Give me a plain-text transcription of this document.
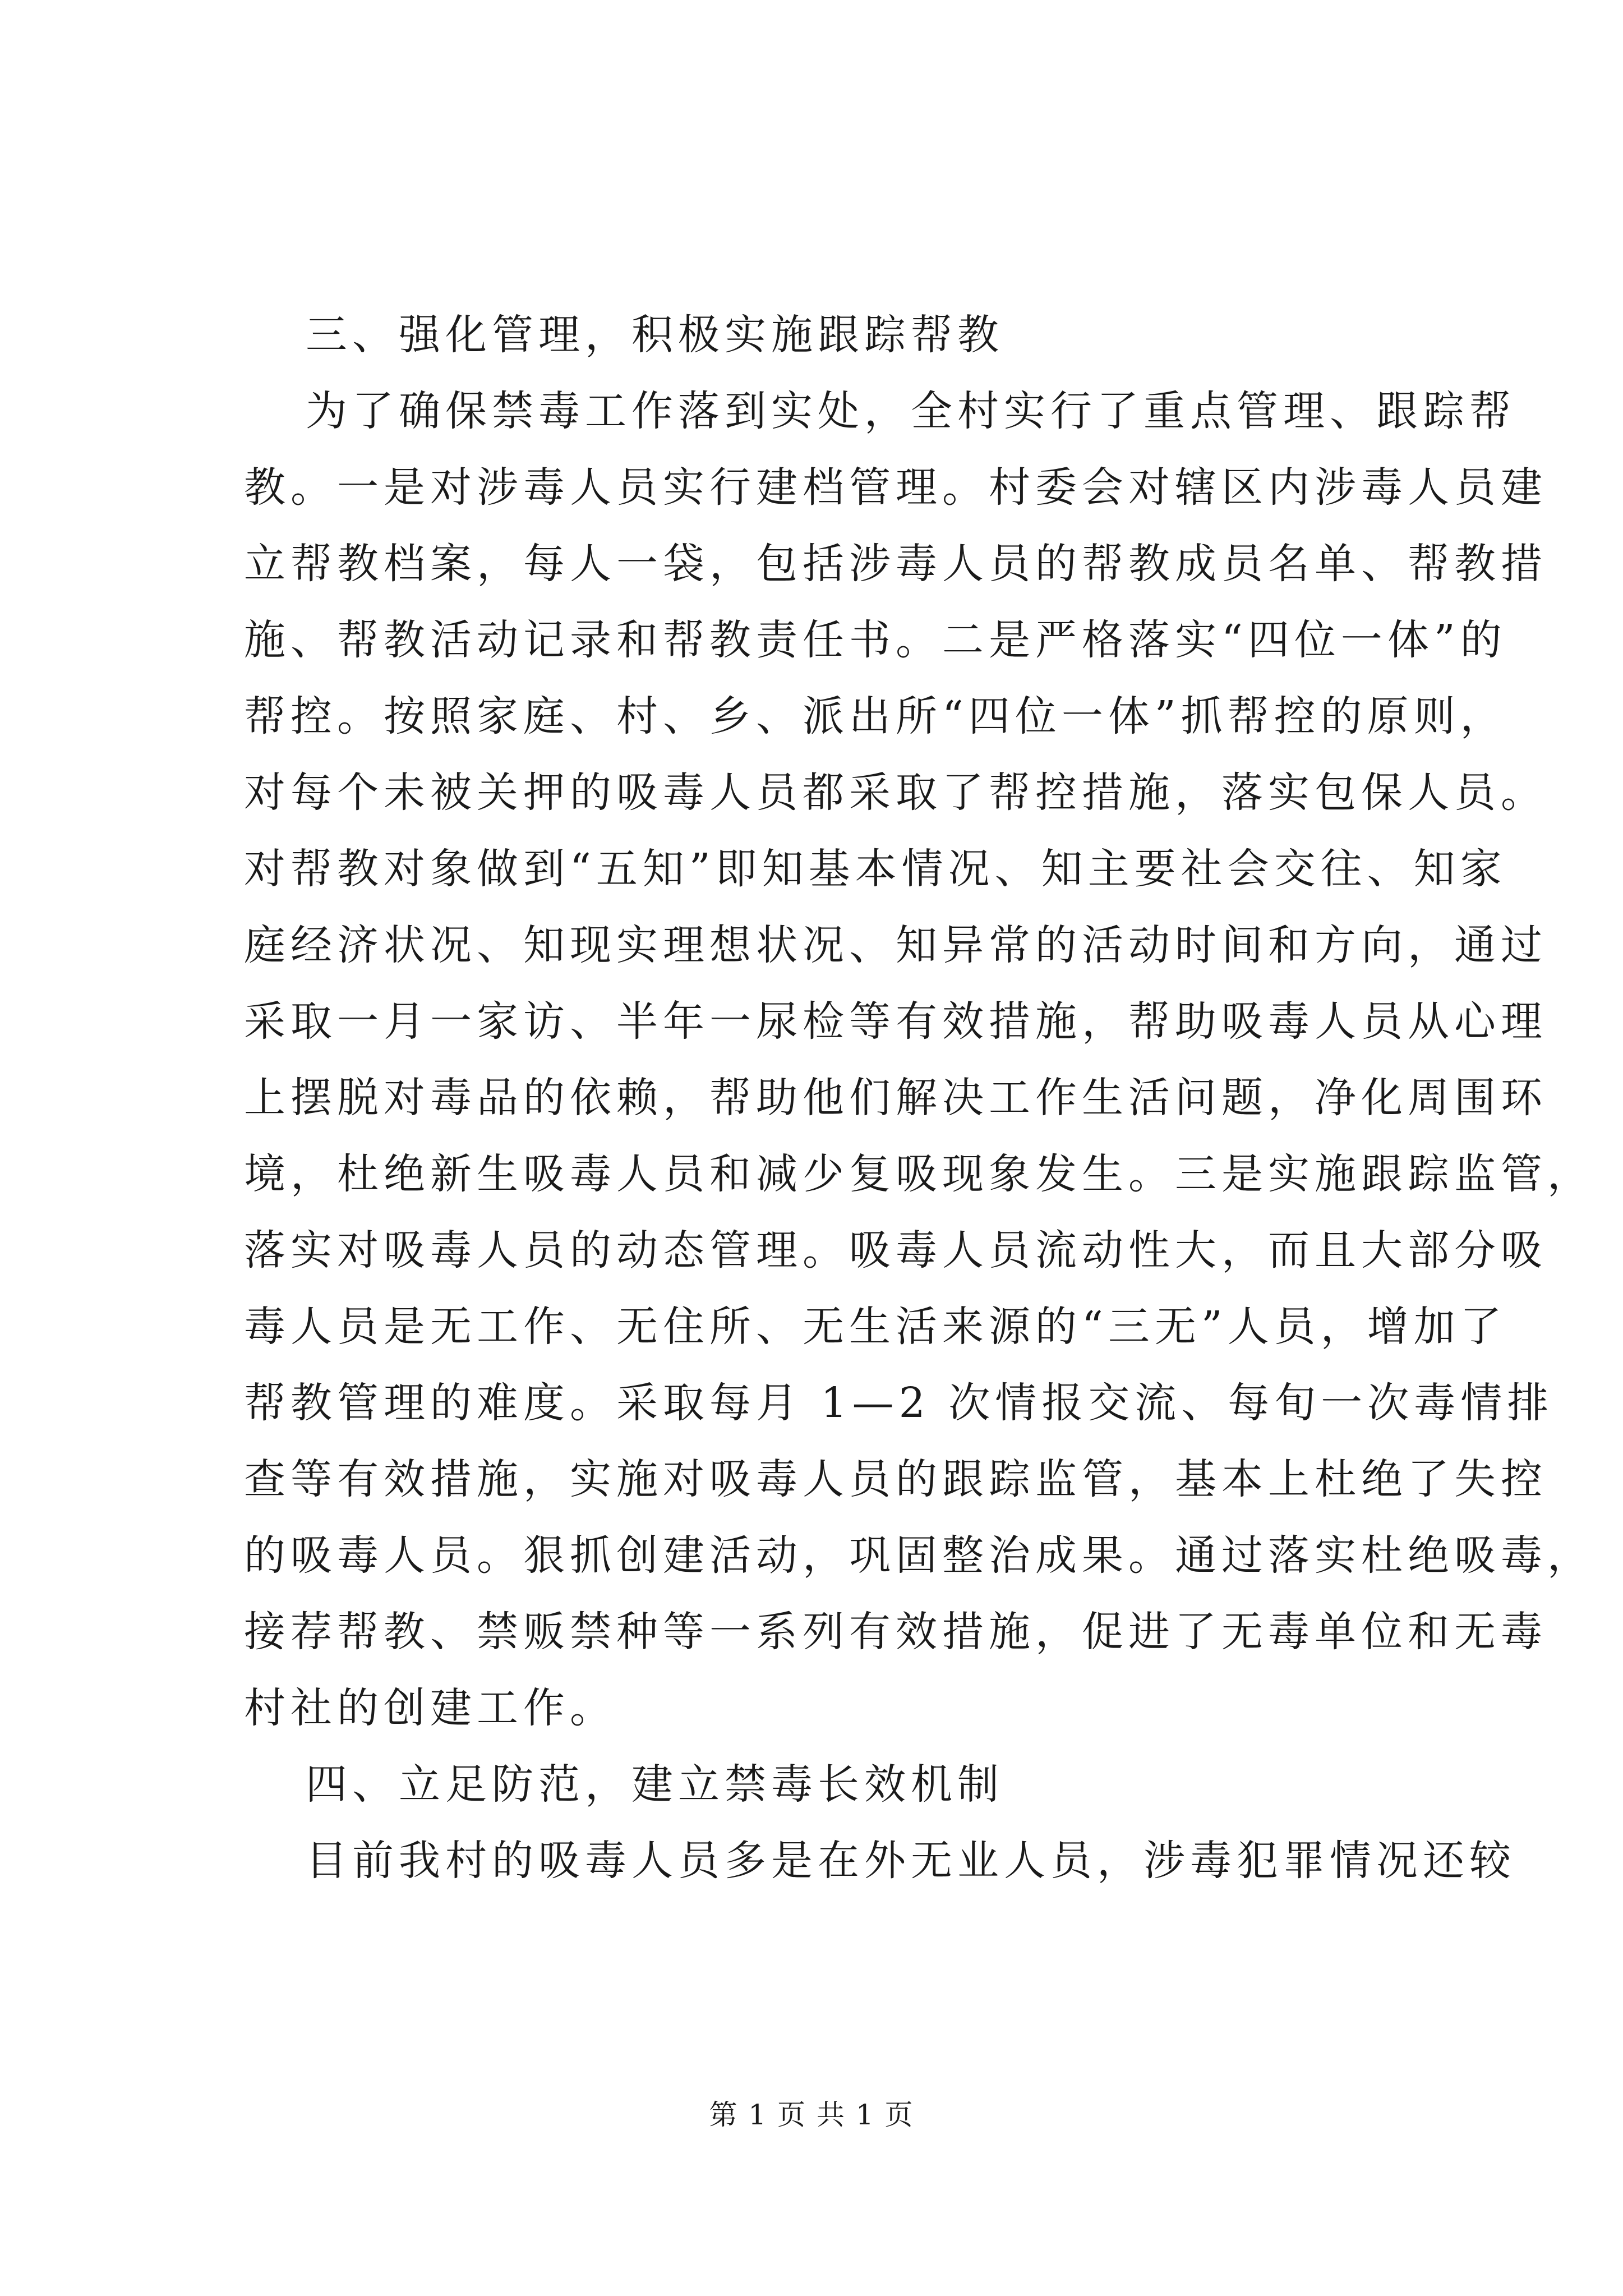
三、强化管理，积极实施跟踪帮教
为了确保禁毒工作落到实处，全村实行了重点管理、跟踪帮
教。一是对涉毒人员实行建档管理。村委会对辖区内涉毒人员建
立帮教档案，每人一袋，包括涉毒人员的帮教成员名单、帮教措
施、帮教活动记录和帮教责任书。二是严格落实“四位一体”的
帮控。按照家庭、村、乡、派出所“四位一体”抓帮控的原则，
对每个未被关押的吸毒人员都采取了帮控措施，落实包保人员。
对帮教对象做到“五知”即知基本情况、知主要社会交往、知家
庭经济状况、知现实理想状况、知异常的活动时间和方向，通过
采取一月一家访、半年一尿检等有效措施，帮助吸毒人员从心理
上摆脱对毒品的依赖，帮助他们解决工作生活问题，净化周围环
境，杜绝新生吸毒人员和减少复吸现象发生。三是实施跟踪监管，
落实对吸毒人员的动态管理。吸毒人员流动性大，而且大部分吸
毒人员是无工作、无住所、无生活来源的“三无”人员，增加了
帮教管理的难度。采取每月 1—2 次情报交流、每旬一次毒情排
查等有效措施，实施对吸毒人员的跟踪监管，基本上杜绝了失控
的吸毒人员。狠抓创建活动，巩固整治成果。通过落实杜绝吸毒，
接荐帮教、禁贩禁种等一系列有效措施，促进了无毒单位和无毒
村社的创建工作。
四、立足防范，建立禁毒长效机制
目前我村的吸毒人员多是在外无业人员，涉毒犯罪情况还较
第 1 页 共 1 页
